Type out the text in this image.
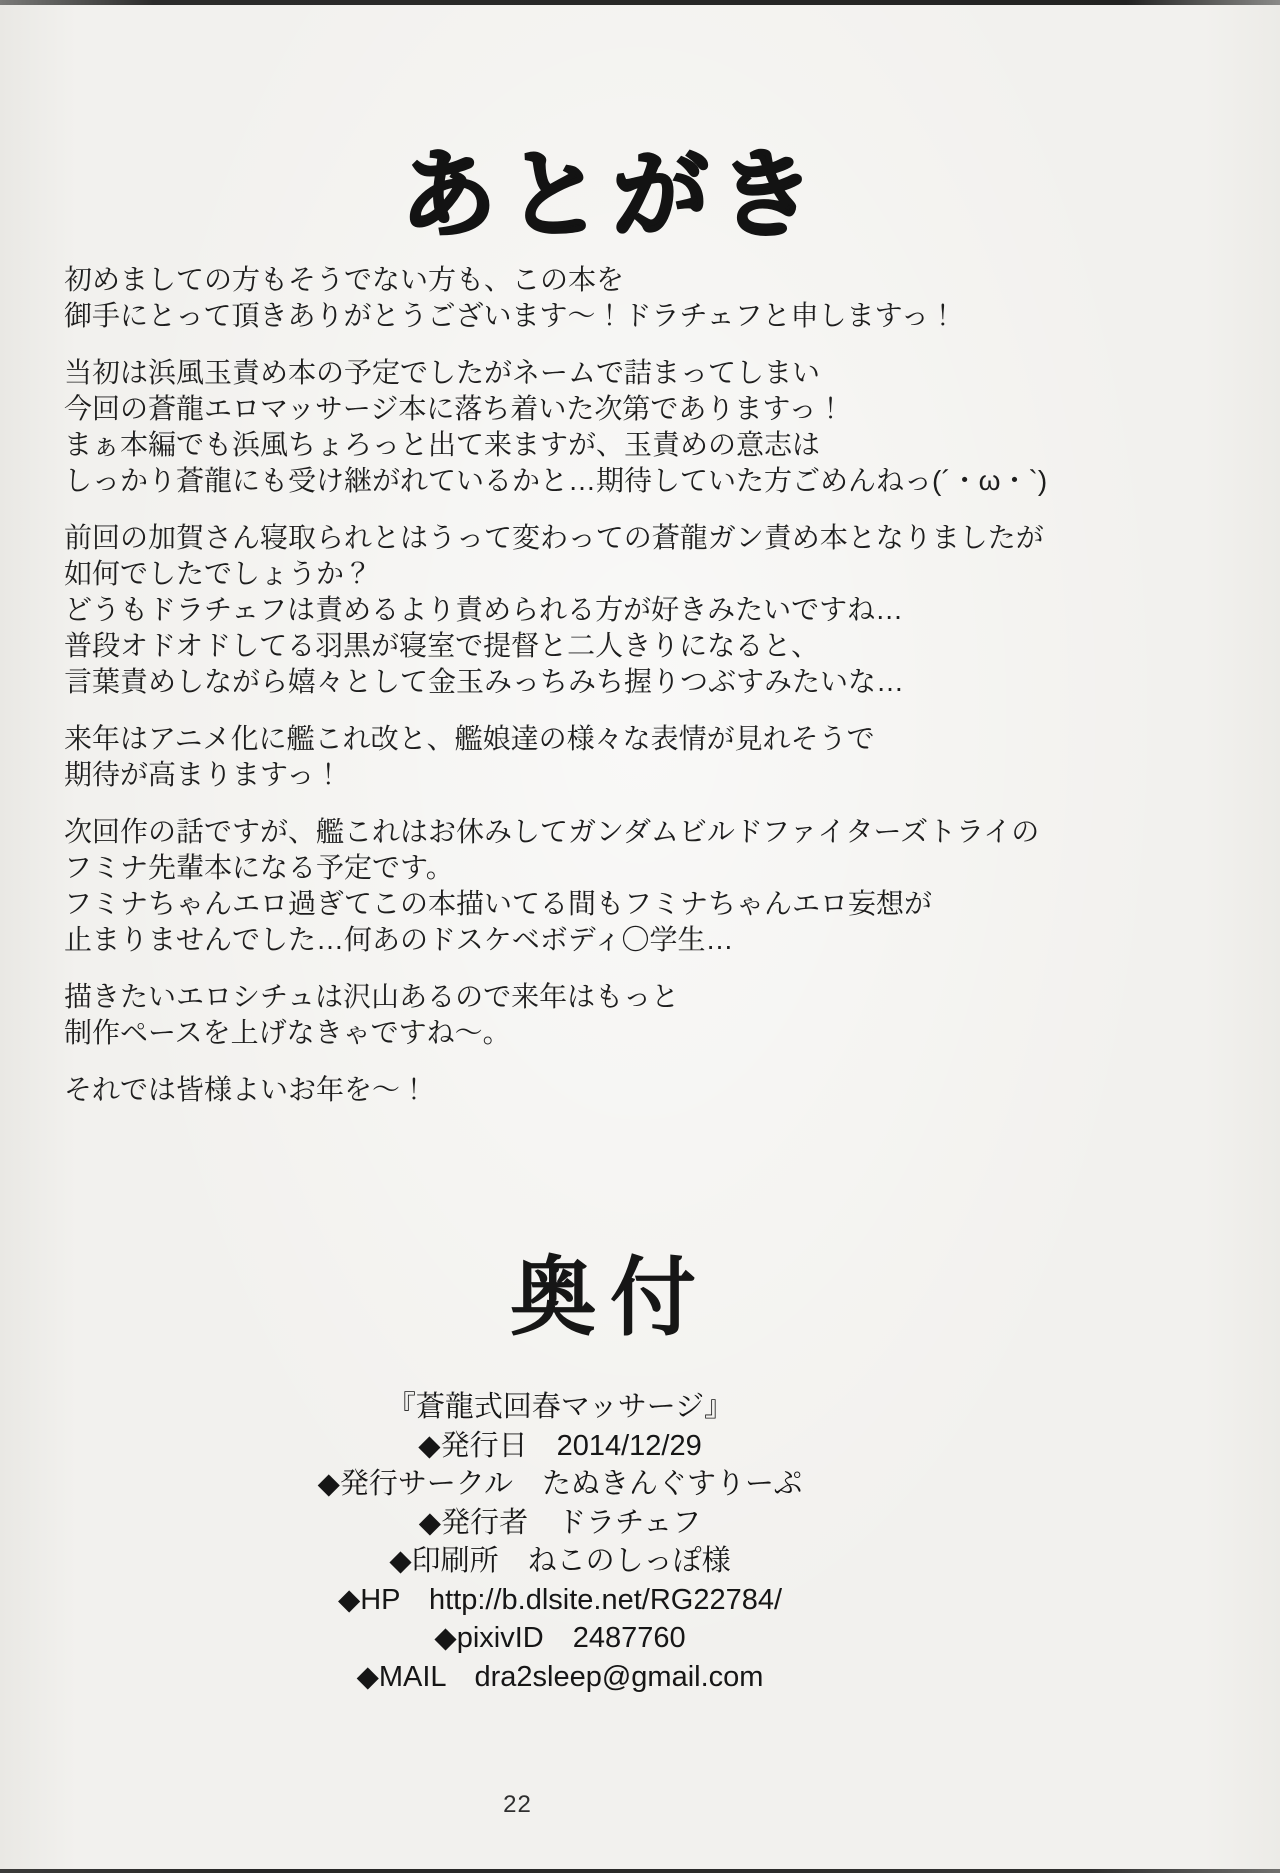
あとがき
初めましての方もそうでない方も、この本を
御手にとって頂きありがとうございます〜！ドラチェフと申しますっ！
当初は浜風玉責め本の予定でしたがネームで詰まってしまい
今回の蒼龍エロマッサージ本に落ち着いた次第でありますっ！
まぁ本編でも浜風ちょろっと出て来ますが、玉責めの意志は
しっかり蒼龍にも受け継がれているかと…期待していた方ごめんねっ(´・ω・`)
前回の加賀さん寝取られとはうって変わっての蒼龍ガン責め本となりましたが
如何でしたでしょうか？
どうもドラチェフは責めるより責められる方が好きみたいですね…
普段オドオドしてる羽黒が寝室で提督と二人きりになると、
言葉責めしながら嬉々として金玉みっちみち握りつぶすみたいな…
来年はアニメ化に艦これ改と、艦娘達の様々な表情が見れそうで
期待が高まりますっ！
次回作の話ですが、艦これはお休みしてガンダムビルドファイターズトライの
フミナ先輩本になる予定です。
フミナちゃんエロ過ぎてこの本描いてる間もフミナちゃんエロ妄想が
止まりませんでした…何あのドスケベボディ〇学生…
描きたいエロシチュは沢山あるので来年はもっと
制作ペースを上げなきゃですね〜。
それでは皆様よいお年を〜！
奥付
『蒼龍式回春マッサージ』
◆発行日　2014/12/29
◆発行サークル　たぬきんぐすりーぷ
◆発行者　ドラチェフ
◆印刷所　ねこのしっぽ様
◆HP　http://b.dlsite.net/RG22784/
◆pixivID　2487760
◆MAIL　dra2sleep@gmail.com
22
